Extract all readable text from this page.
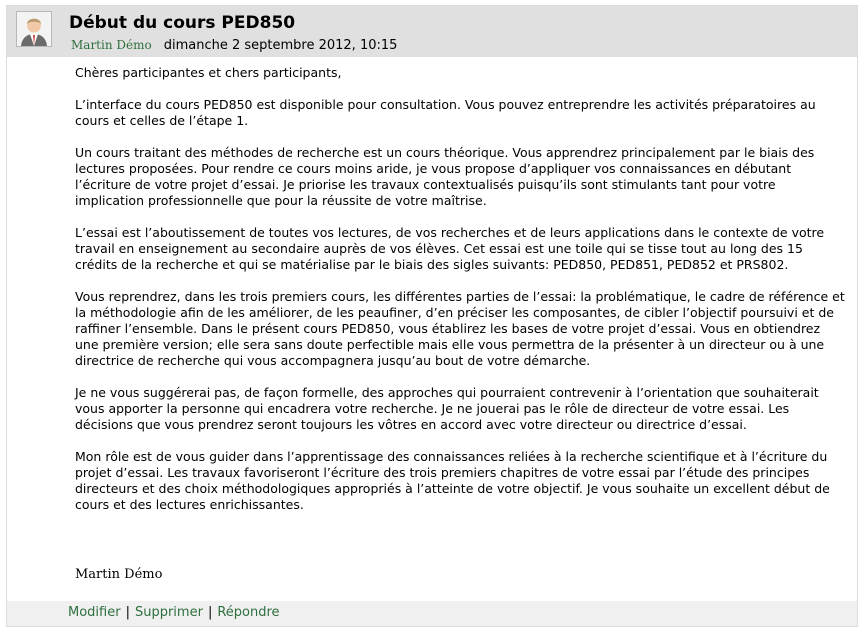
Début du cours PED850
Martin Démo dimanche 2 septembre 2012, 10:15

Chères participantes et chers participants,

L’interface du cours PED850 est disponible pour consultation. Vous pouvez entreprendre les activités préparatoires au cours et celles de l’étape 1.

Un cours traitant des méthodes de recherche est un cours théorique. Vous apprendrez principalement par le biais des lectures proposées. Pour rendre ce cours moins aride, je vous propose d’appliquer vos connaissances en débutant l’écriture de votre projet d’essai. Je priorise les travaux contextualisés puisqu’ils sont stimulants tant pour votre implication professionnelle que pour la réussite de votre maîtrise.

L’essai est l’aboutissement de toutes vos lectures, de vos recherches et de leurs applications dans le contexte de votre travail en enseignement au secondaire auprès de vos élèves. Cet essai est une toile qui se tisse tout au long des 15 crédits de la recherche et qui se matérialise par le biais des sigles suivants: PED850, PED851, PED852 et PRS802.

Vous reprendrez, dans les trois premiers cours, les différentes parties de l’essai: la problématique, le cadre de référence et la méthodologie afin de les améliorer, de les peaufiner, d’en préciser les composantes, de cibler l’objectif poursuivi et de raffiner l’ensemble. Dans le présent cours PED850, vous établirez les bases de votre projet d’essai. Vous en obtiendrez une première version; elle sera sans doute perfectible mais elle vous permettra de la présenter à un directeur ou à une directrice de recherche qui vous accompagnera jusqu’au bout de votre démarche.

Je ne vous suggérerai pas, de façon formelle, des approches qui pourraient contrevenir à l’orientation que souhaiterait vous apporter la personne qui encadrera votre recherche. Je ne jouerai pas le rôle de directeur de votre essai. Les décisions que vous prendrez seront toujours les vôtres en accord avec votre directeur ou directrice d’essai.

Mon rôle est de vous guider dans l’apprentissage des connaissances reliées à la recherche scientifique et à l’écriture du projet d’essai. Les travaux favoriseront l’écriture des trois premiers chapitres de votre essai par l’étude des principes directeurs et des choix méthodologiques appropriés à l’atteinte de votre objectif. Je vous souhaite un excellent début de cours et des lectures enrichissantes.

Martin Démo
Modifier | Supprimer | Répondre
